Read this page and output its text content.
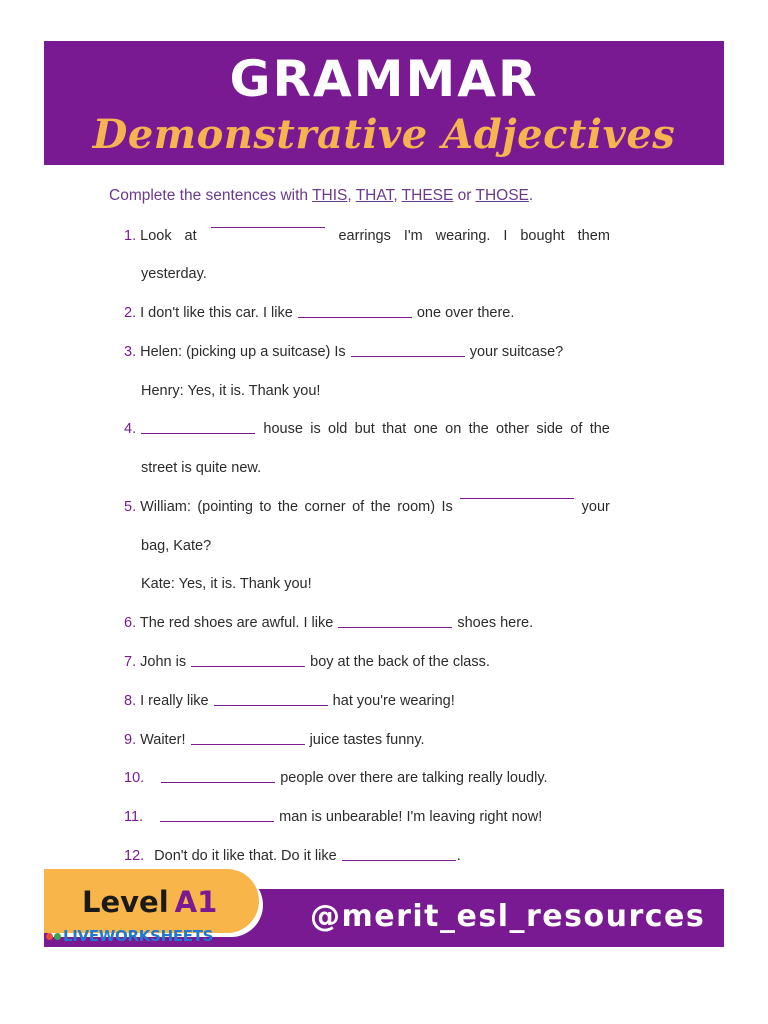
GRAMMAR
Demonstrative Adjectives
Complete the sentences with THIS, THAT, THESE or THOSE.
1. Look at	earrings I'm wearing. I bought them
yesterday.
2. I don't like this car. I like	one over there.
3. Helen: (picking up a suitcase) Is	your suitcase?
Henry: Yes, it is. Thank you!
4.	house is old but that one on the other side of the
street is quite new.
5. William: (pointing to the corner of the room) Is	your
bag, Kate?
Kate: Yes, it is. Thank you!
6. The red shoes are awful. I like	shoes here.
7. John is	boy at the back of the class.
8. I really like	hat you're wearing!
9. Waiter!	juice tastes funny.
10.	people over there are talking really loudly.
11.	man is unbearable! I'm leaving right now!
12. Don't do it like that. Do it like	.
@merit_esl_resources
Level A1
LIVEWORKSHEETS
